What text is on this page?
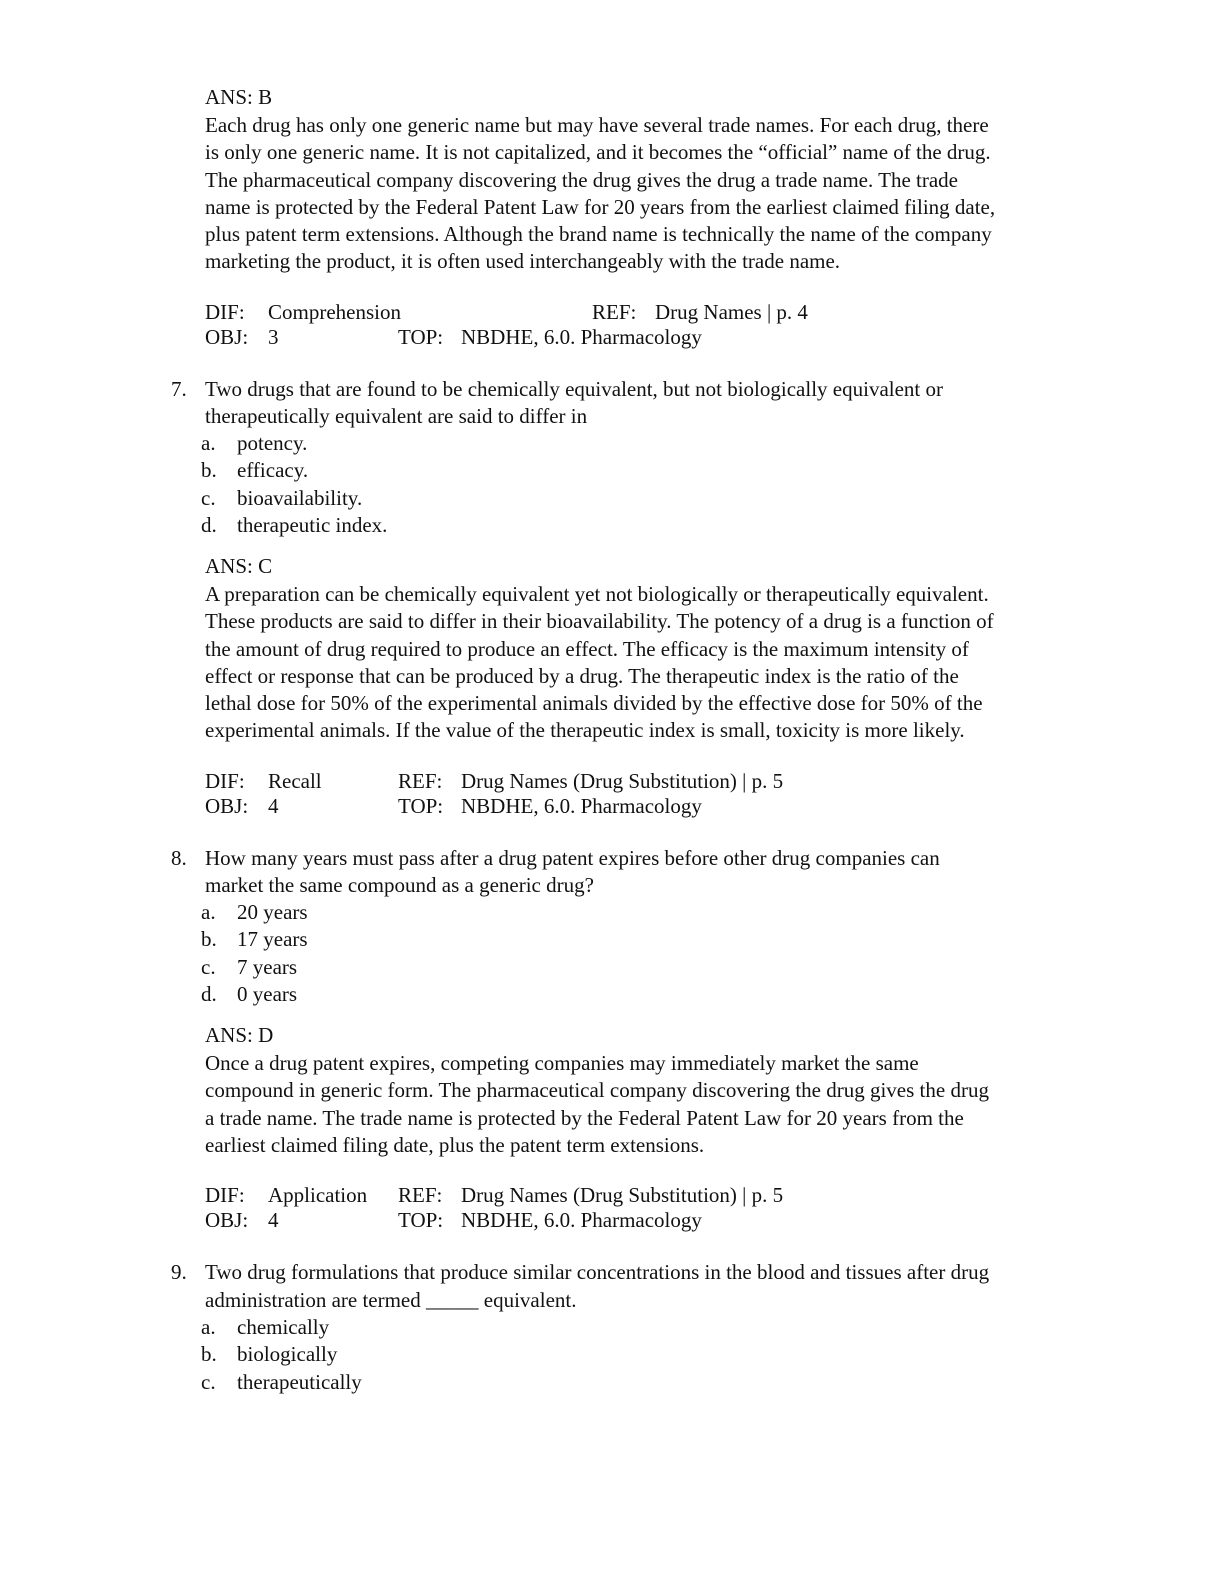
ANS: B
Each drug has only one generic name but may have several trade names. For each drug, there
is only one generic name. It is not capitalized, and it becomes the “official” name of the drug.
The pharmaceutical company discovering the drug gives the drug a trade name. The trade
name is protected by the Federal Patent Law for 20 years from the earliest claimed filing date,
plus patent term extensions. Although the brand name is technically the name of the company
marketing the product, it is often used interchangeably with the trade name.
DIF: Comprehension	REF: Drug Names | p. 4
OBJ: 3	TOP: NBDHE, 6.0. Pharmacology
7. Two drugs that are found to be chemically equivalent, but not biologically equivalent or
therapeutically equivalent are said to differ in
a. potency.
b. efficacy.
c. bioavailability.
d. therapeutic index.
ANS: C
A preparation can be chemically equivalent yet not biologically or therapeutically equivalent.
These products are said to differ in their bioavailability. The potency of a drug is a function of
the amount of drug required to produce an effect. The efficacy is the maximum intensity of
effect or response that can be produced by a drug. The therapeutic index is the ratio of the
lethal dose for 50% of the experimental animals divided by the effective dose for 50% of the
experimental animals. If the value of the therapeutic index is small, toxicity is more likely.
DIF: Recall	REF: Drug Names (Drug Substitution) | p. 5
OBJ: 4	TOP: NBDHE, 6.0. Pharmacology
8. How many years must pass after a drug patent expires before other drug companies can
market the same compound as a generic drug?
a. 20 years
b. 17 years
c. 7 years
d. 0 years
ANS: D
Once a drug patent expires, competing companies may immediately market the same
compound in generic form. The pharmaceutical company discovering the drug gives the drug
a trade name. The trade name is protected by the Federal Patent Law for 20 years from the
earliest claimed filing date, plus the patent term extensions.
DIF: Application REF: Drug Names (Drug Substitution) | p. 5
OBJ: 4	TOP: NBDHE, 6.0. Pharmacology
9. Two drug formulations that produce similar concentrations in the blood and tissues after drug
administration are termed _____ equivalent.
a. chemically
b. biologically
c. therapeutically
